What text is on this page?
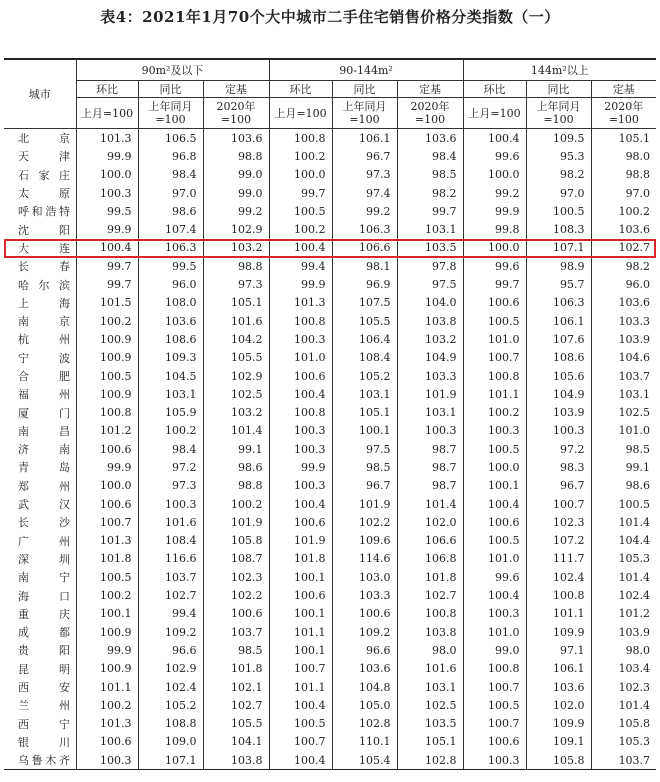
表4：2021年1月70个大中城市二手住宅销售价格分类指数（一）
城市	90m²及以下			90-144m²			144m²以上		
	环比	同比	定基	环比	同比	定基	环比	同比	定基
	上月=100	上年同月=100	2020年=100	上月=100	上年同月=100	2020年=100	上月=100	上年同月=100	2020年=100
北京	101.3	106.5	103.6	100.8	106.1	103.6	100.4	109.5	105.1
天津	99.9	96.8	98.8	100.2	96.7	98.4	99.6	95.3	98.0
石家庄	100.0	98.4	99.0	100.0	97.3	98.5	100.0	98.2	98.8
太原	100.3	97.0	99.0	99.7	97.4	98.2	99.2	97.0	97.0
呼和浩特	99.5	98.6	99.2	100.5	99.2	99.7	99.9	100.5	100.2
沈阳	99.9	107.4	102.9	100.2	106.3	103.1	99.8	108.3	103.6
大连	100.4	106.3	103.2	100.4	106.6	103.5	100.0	107.1	102.7
长春	99.7	99.5	98.8	99.4	98.1	97.8	99.6	98.9	98.2
哈尔滨	99.7	96.0	97.3	99.9	96.9	97.5	99.7	95.7	96.0
上海	101.5	108.0	105.1	101.3	107.5	104.0	100.6	106.3	103.6
南京	100.2	103.6	101.6	100.8	105.5	103.8	100.5	106.1	103.3
杭州	100.9	108.6	104.2	100.3	106.4	103.2	101.0	107.6	103.9
宁波	100.9	109.3	105.5	101.0	108.4	104.9	100.7	108.6	104.6
合肥	100.5	104.5	102.9	100.6	105.2	103.3	100.8	105.6	103.7
福州	100.9	103.1	102.5	100.4	103.1	101.9	101.1	104.9	103.1
厦门	100.8	105.9	103.2	100.8	105.1	103.1	100.2	103.9	102.5
南昌	101.2	100.2	101.4	100.3	100.1	100.3	100.3	100.3	101.0
济南	100.6	98.4	99.1	100.3	97.5	98.7	100.5	97.2	98.5
青岛	99.9	97.2	98.6	99.9	98.5	98.7	100.0	98.3	99.1
郑州	100.0	97.3	98.8	100.3	96.7	98.7	100.1	96.7	98.6
武汉	100.6	100.3	100.2	100.4	101.9	101.4	100.4	100.7	100.5
长沙	100.7	101.6	101.9	100.6	102.2	102.0	100.6	102.3	101.4
广州	101.3	108.4	105.8	101.9	109.6	106.6	100.5	107.2	104.4
深圳	101.8	116.6	108.7	101.8	114.6	106.8	101.0	111.7	105.3
南宁	100.5	103.7	102.3	100.1	103.0	101.8	99.6	102.4	101.4
海口	100.2	102.7	102.2	100.6	103.3	102.7	100.4	100.8	102.4
重庆	100.1	99.4	100.6	100.1	100.6	100.8	100.3	101.1	101.2
成都	100.9	109.2	103.7	101.1	109.2	103.8	101.0	109.9	103.9
贵阳	99.9	96.6	98.5	100.1	96.6	98.0	99.0	97.1	98.0
昆明	100.9	102.9	101.8	100.7	103.6	101.6	100.8	106.1	103.4
西安	101.1	102.4	102.1	101.1	104.8	103.1	100.7	103.6	102.3
兰州	100.2	105.2	102.7	100.4	105.0	102.5	100.5	102.0	101.4
西宁	101.3	108.8	105.5	100.5	102.8	103.5	100.7	109.9	105.8
银川	100.6	109.0	104.1	100.7	110.1	105.1	100.6	109.1	105.3
乌鲁木齐	100.3	107.1	103.8	100.4	105.4	102.8	100.3	105.8	103.7
